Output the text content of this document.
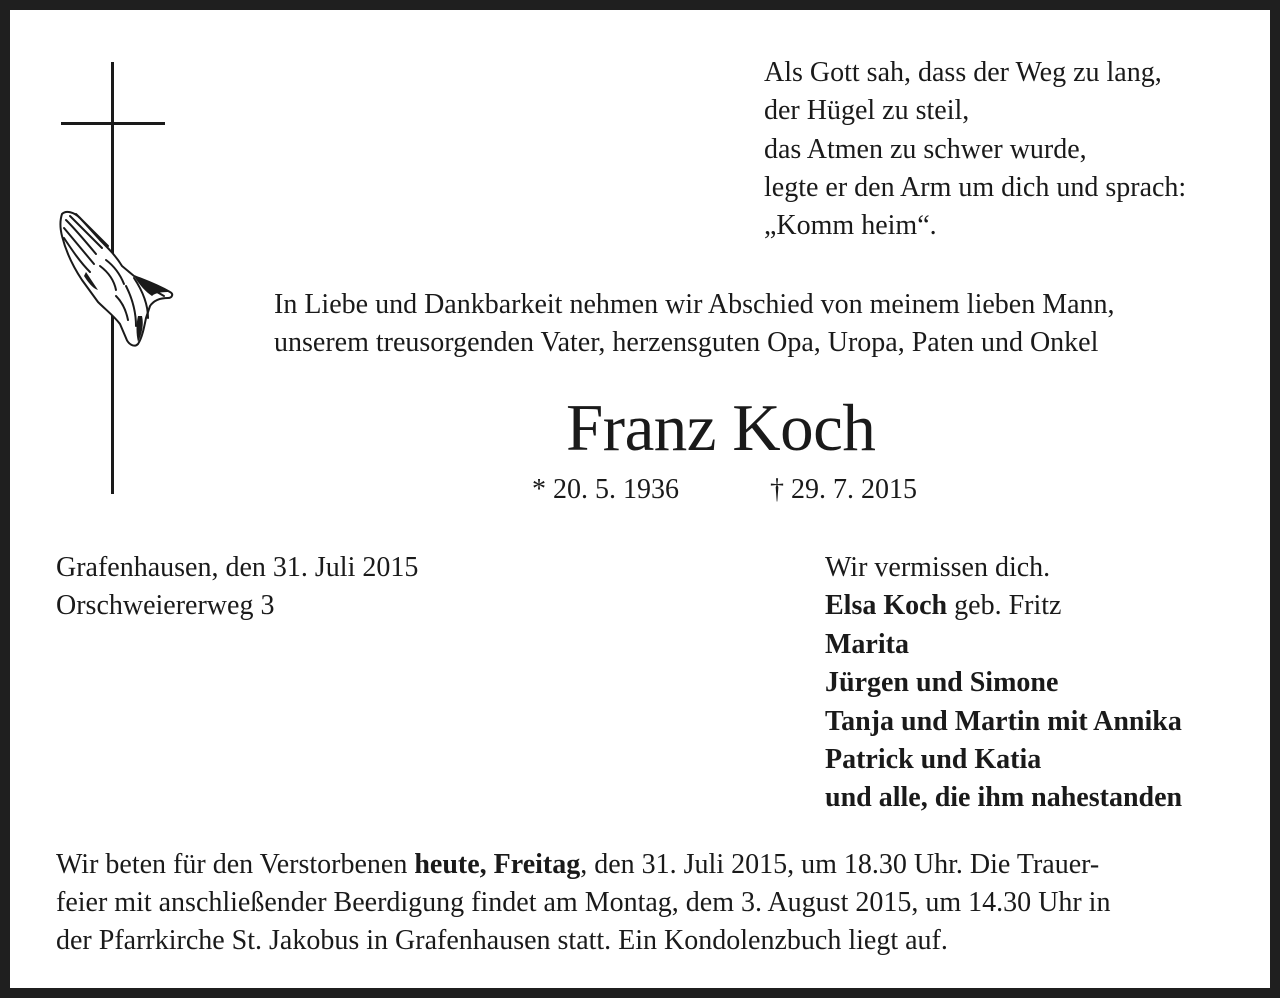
Als Gott sah, dass der Weg zu lang,
der Hügel zu steil,
das Atmen zu schwer wurde,
legte er den Arm um dich und sprach:
„Komm heim“.
In Liebe und Dankbarkeit nehmen wir Abschied von meinem lieben Mann,
unserem treusorgenden Vater, herzensguten Opa, Uropa, Paten und Onkel
Franz Koch
* 20. 5. 1936	† 29. 7. 2015
Grafenhausen, den 31. Juli 2015
Orschweiererweg 3
Wir vermissen dich.
Elsa Koch geb. Fritz
Marita
Jürgen und Simone
Tanja und Martin mit Annika
Patrick und Katia
und alle, die ihm nahestanden
Wir beten für den Verstorbenen heute, Freitag, den 31. Juli 2015, um 18.30 Uhr. Die Trauer-
feier mit anschließender Beerdigung findet am Montag, dem 3. August 2015, um 14.30 Uhr in
der Pfarrkirche St. Jakobus in Grafenhausen statt. Ein Kondolenzbuch liegt auf.
